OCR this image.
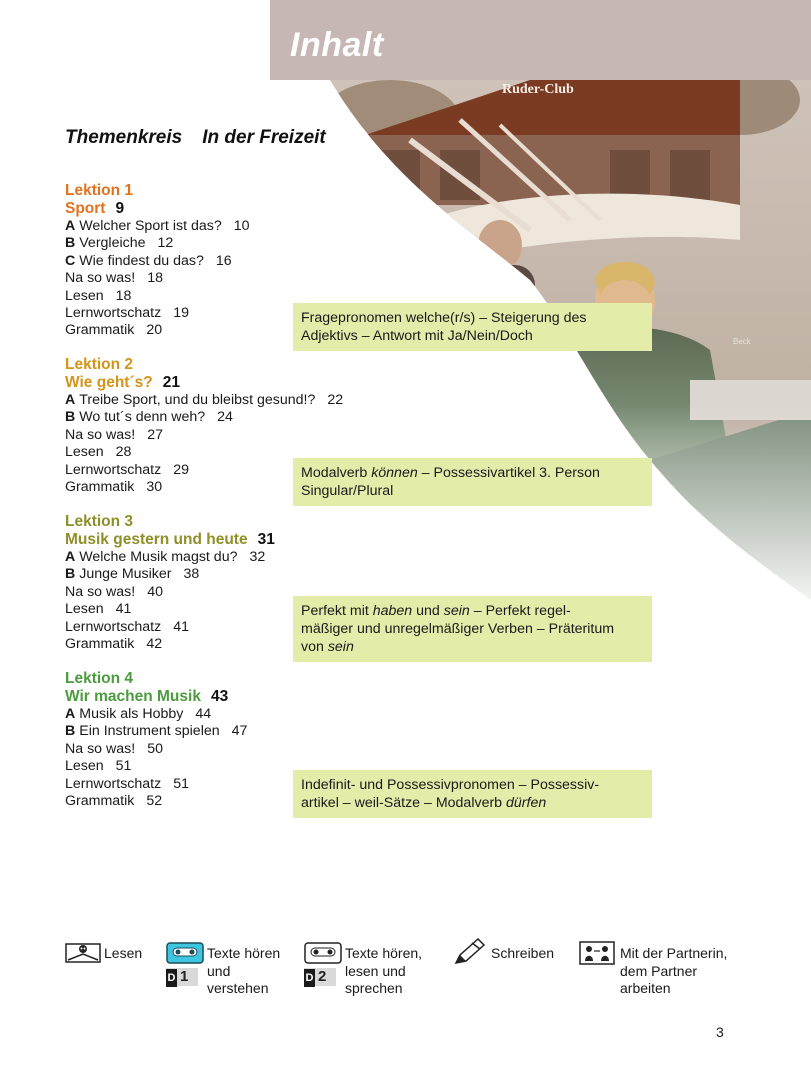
Ruder-Club
Beck
Inhalt
Themenkreis In der Freizeit
Lektion 1
Sport 9
A Welcher Sport ist das? 10
B Vergleiche 12
C Wie findest du das? 16
Na so was! 18
Lesen 18
Lernwortschatz 19
Grammatik 20
Fragepronomen welche(r/s) – Steigerung des
Adjektivs – Antwort mit Ja/Nein/Doch
Lektion 2
Wie geht´s? 21
A Treibe Sport, und du bleibst gesund!? 22
B Wo tut´s denn weh? 24
Na so was! 27
Lesen 28
Lernwortschatz 29
Grammatik 30
Modalverb können – Possessivartikel 3. Person
Singular/Plural
Lektion 3
Musik gestern und heute 31
A Welche Musik magst du? 32
B Junge Musiker 38
Na so was! 40
Lesen 41
Lernwortschatz 41
Grammatik 42
Perfekt mit haben und sein – Perfekt regel-
mäßiger und unregelmäßiger Verben – Präteritum
von sein
Lektion 4
Wir machen Musik 43
A Musik als Hobby 44
B Ein Instrument spielen 47
Na so was! 50
Lesen 51
Lernwortschatz 51
Grammatik 52
Indefinit- und Possessivpronomen – Possessiv-
artikel – weil-Sätze – Modalverb dürfen
Lesen
D 1
Texte hören
und
verstehen
D 2
Texte hören,
lesen und
sprechen
Schreiben	Mit der Partnerin,
dem Partner
arbeiten
3
